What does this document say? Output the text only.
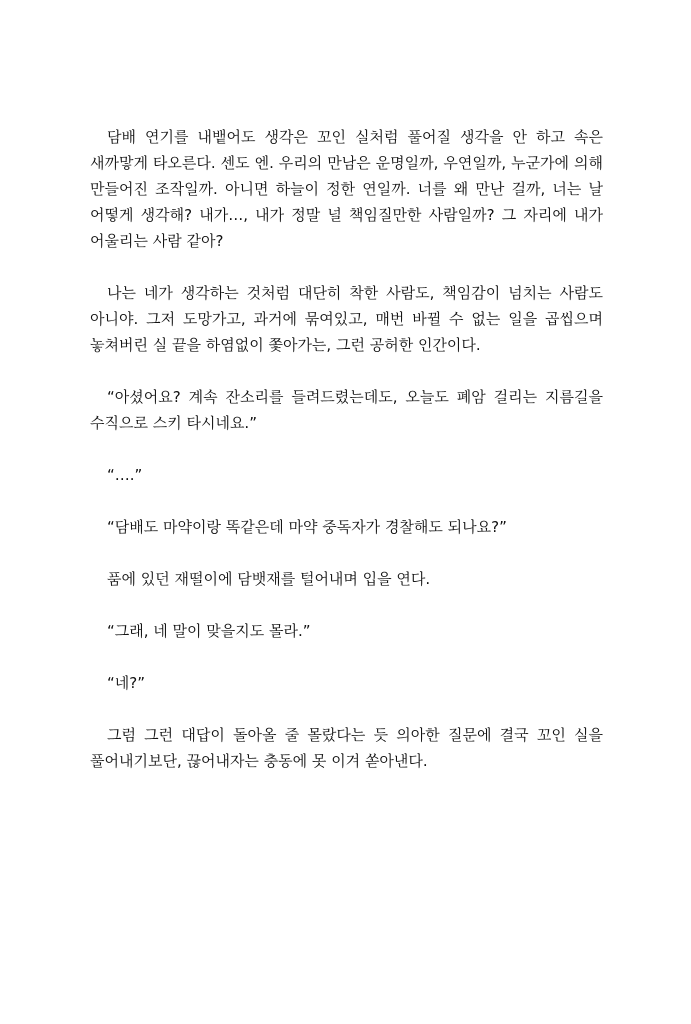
담배 연기를 내뱉어도 생각은 꼬인 실처럼 풀어질 생각을 안 하고 속은 새까맣게 타오른다. 센도 엔. 우리의 만남은 운명일까, 우연일까, 누군가에 의해 만들어진 조작일까. 아니면 하늘이 정한 연일까. 너를 왜 만난 걸까, 너는 날 어떻게 생각해? 내가…, 내가 정말 널 책임질만한 사람일까? 그 자리에 내가 어울리는 사람 같아?

나는 네가 생각하는 것처럼 대단히 착한 사람도, 책임감이 넘치는 사람도 아니야. 그저 도망가고, 과거에 묶여있고, 매번 바뀔 수 없는 일을 곱씹으며 놓쳐버린 실 끝을 하염없이 쫓아가는, 그런 공허한 인간이다.

“아셨어요? 계속 잔소리를 들려드렸는데도, 오늘도 폐암 걸리는 지름길을 수직으로 스키 타시네요.”

“….”

“담배도 마약이랑 똑같은데 마약 중독자가 경찰해도 되나요?”

품에 있던 재떨이에 담뱃재를 털어내며 입을 연다.

“그래, 네 말이 맞을지도 몰라.”

“네?”

그럼 그런 대답이 돌아올 줄 몰랐다는 듯 의아한 질문에 결국 꼬인 실을 풀어내기보단, 끊어내자는 충동에 못 이겨 쏟아낸다.
